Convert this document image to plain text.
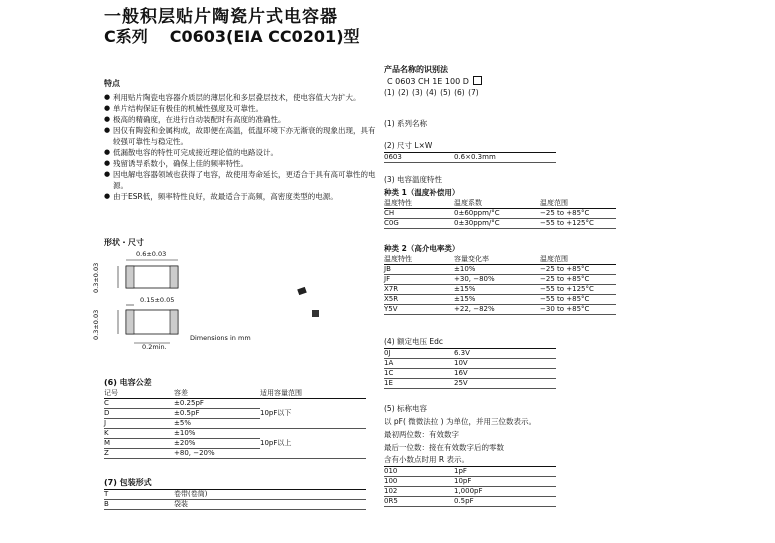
一般积层贴片陶瓷片式电容器
C系列 C0603(EIA CC0201)型
特点
● 利用贴片陶瓷电容器介质层的薄层化和多层叠层技术，使电容值大为扩大。
● 单片结构保证有极佳的机械性强度及可靠性。
● 极高的精确度，在进行自动装配时有高度的准确性。
● 因仅有陶瓷和金属构成，故即便在高温，低温环境下亦无渐衰的现象出现，具有较强可靠性与稳定性。
● 低漏散电容的特性可完成接近理论值的电路设计。
● 残留诱导系数小，确保上佳的频率特性。
● 因电解电容器领域也获得了电容，故使用寿命延长，更适合于具有高可靠性的电源。
● 由于ESR低，频率特性良好，故最适合于高频，高密度类型的电源。
形状・尺寸
0.6±0.03
0.3±0.03
0.15±0.05
0.3±0.03
0.2min.
Dimensions in mm
(6) 电容公差
记号	容差	适用容量范围
C	±0.25pF	10pF以下
D	±0.5pF	
J	±5%	
K	±10%	10pF以上
M	±20%	
Z	+80, −20%	
(7) 包装形式
T	卷带(卷筒)
B	袋装
产品名称的识别法
C 0603 CH 1E 100 D
(1) (2) (3) (4) (5) (6) (7)
(1) 系列名称
(2) 尺寸 L×W
0603	0.6×0.3mm
(3) 电容温度特性
种类 1（温度补偿用）
温度特性	温度系数	温度范围
CH	0±60ppm/°C	−25 to +85°C
C0G	0±30ppm/°C	−55 to +125°C
种类 2（高介电率类）
温度特性	容量变化率	温度范围
JB	±10%	−25 to +85°C
JF	+30, −80%	−25 to +85°C
X7R	±15%	−55 to +125°C
X5R	±15%	−55 to +85°C
Y5V	+22, −82%	−30 to +85°C
(4) 额定电压 Edc
0J	6.3V
1A	10V
1C	16V
1E	25V
(5) 标称电容
以 pF( 微微法拉 ) 为单位，并用三位数表示。
最初两位数：有效数字
最后一位数：接在有效数字后的零数
含有小数点时用 R 表示。
010	1pF
100	10pF
102	1,000pF
0R5	0.5pF
